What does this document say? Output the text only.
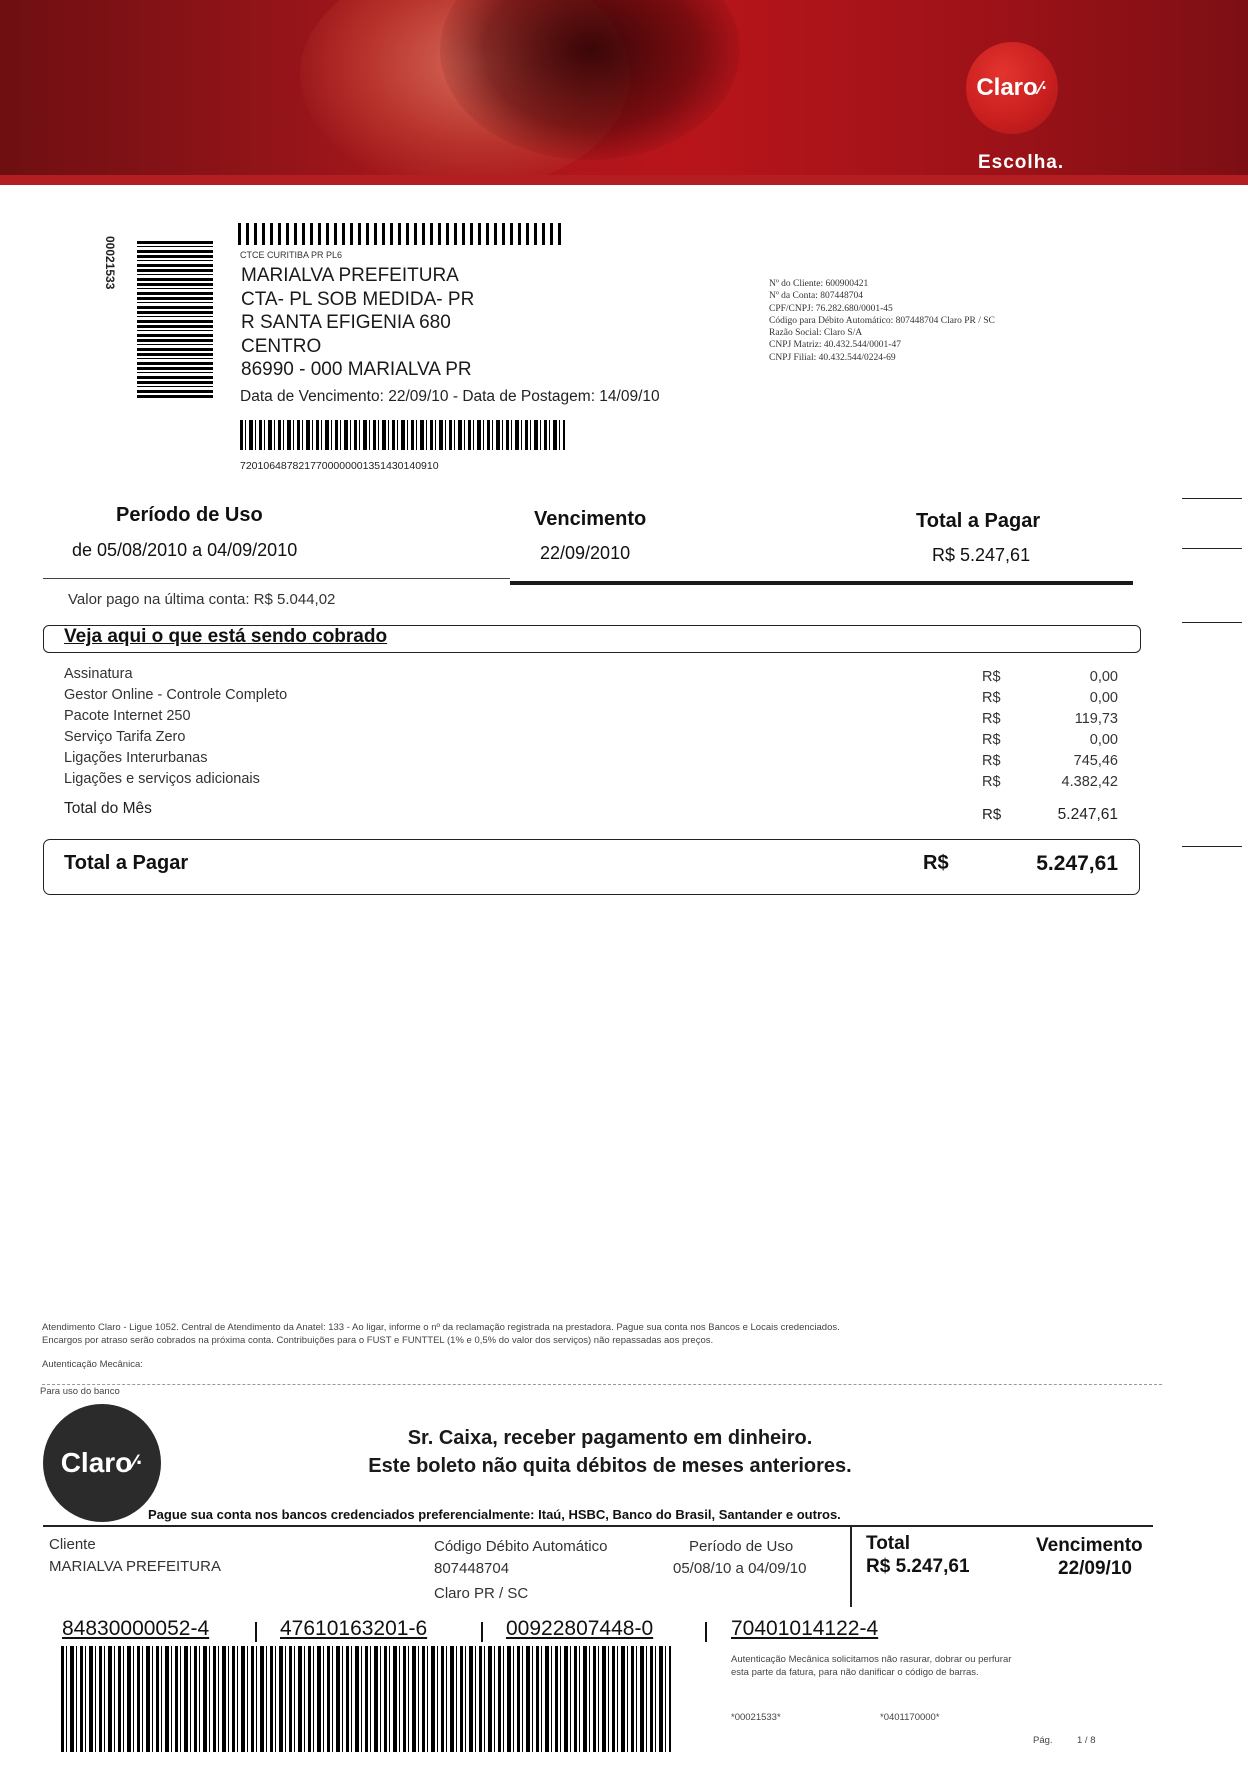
Claro ⁄·
Escolha.
00021533	CTCE CURITIBA PR PL6
MARIALVA PREFEITURA
CTA- PL SOB MEDIDA- PR
R SANTA EFIGENIA 680
CENTRO
86990 - 000 MARIALVA PR
Data de Vencimento: 22/09/10 - Data de Postagem: 14/09/10
7201064878217700000001351430140910
Nº do Cliente: 600900421
Nº da Conta: 807448704
CPF/CNPJ: 76.282.680/0001-45
Código para Débito Automático: 807448704 Claro PR / SC
Razão Social: Claro S/A
CNPJ Matriz: 40.432.544/0001-47
CNPJ Filial: 40.432.544/0224-69
Período de Uso
de 05/08/2010 a 04/09/2010
Vencimento
22/09/2010
Total a Pagar
R$ 5.247,61
Valor pago na última conta: R$ 5.044,02
Veja aqui o que está sendo cobrado
Assinatura	R$	0,00
Gestor Online - Controle Completo	R$	0,00
Pacote Internet 250	R$	119,73
Serviço Tarifa Zero	R$	0,00
Ligações Interurbanas	R$	745,46
Ligações e serviços adicionais	R$	4.382,42
Total do Mês	R$	5.247,61
Total a Pagar	R$	5.247,61
Atendimento Claro - Ligue 1052. Central de Atendimento da Anatel: 133 - Ao ligar, informe o nº da reclamação registrada na prestadora. Pague sua conta nos Bancos e Locais credenciados.
Encargos por atraso serão cobrados na próxima conta. Contribuições para o FUST e FUNTTEL (1% e 0,5% do valor dos serviços) não repassadas aos preços.
Autenticação Mecânica:
Para uso do banco
Claro ⁄·
Sr. Caixa, receber pagamento em dinheiro.
Este boleto não quita débitos de meses anteriores.
Pague sua conta nos bancos credenciados preferencialmente: Itaú, HSBC, Banco do Brasil, Santander e outros.
Cliente
MARIALVA PREFEITURA
Código Débito Automático
807448704
Claro PR / SC
Período de Uso
05/08/10 a 04/09/10
Total
R$ 5.247,61
Vencimento
22/09/10
84830000052-4	47610163201-6	00922807448-0	70401014122-4
Autenticação Mecânica solicitamos não rasurar, dobrar ou perfurar
esta parte da fatura, para não danificar o código de barras.
*00021533*	*0401170000*
Pág.	1 / 8
